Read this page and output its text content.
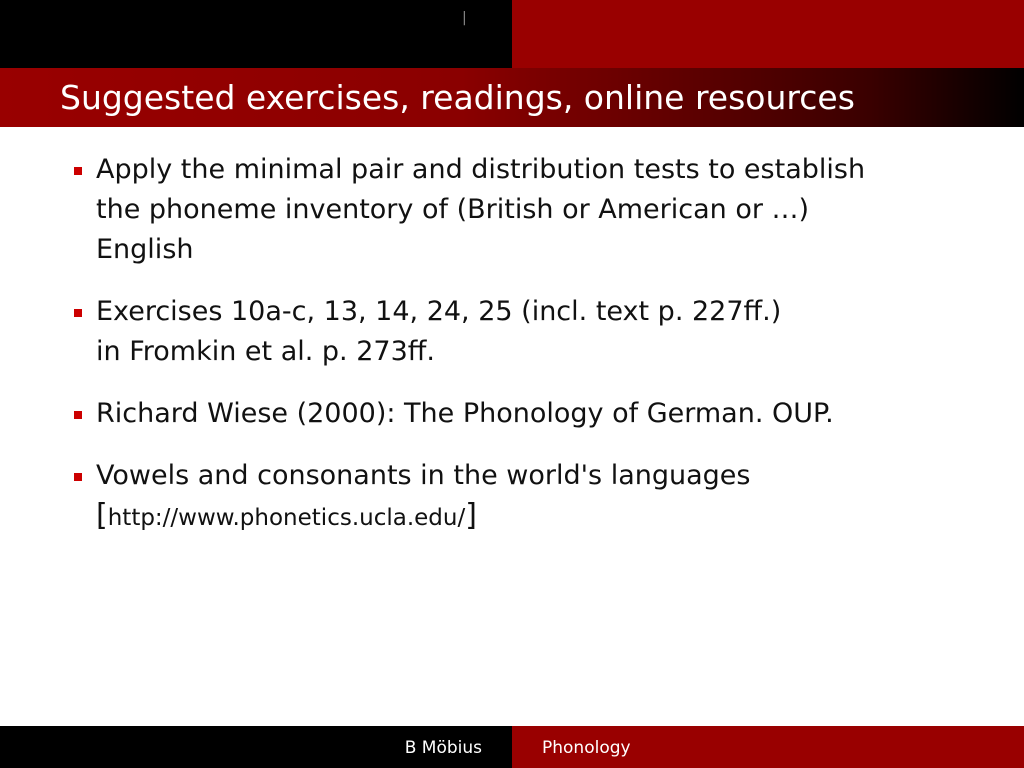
|
Suggested exercises, readings, online resources
Apply the minimal pair and distribution tests to establish
the phoneme inventory of (British or American or …)
English
Exercises 10a-c, 13, 14, 24, 25 (incl. text p. 227ff.)
in Fromkin et al. p. 273ff.
Richard Wiese (2000): The Phonology of German. OUP.
Vowels and consonants in the world's languages
[http://www.phonetics.ucla.edu/]
B Möbius	Phonology
